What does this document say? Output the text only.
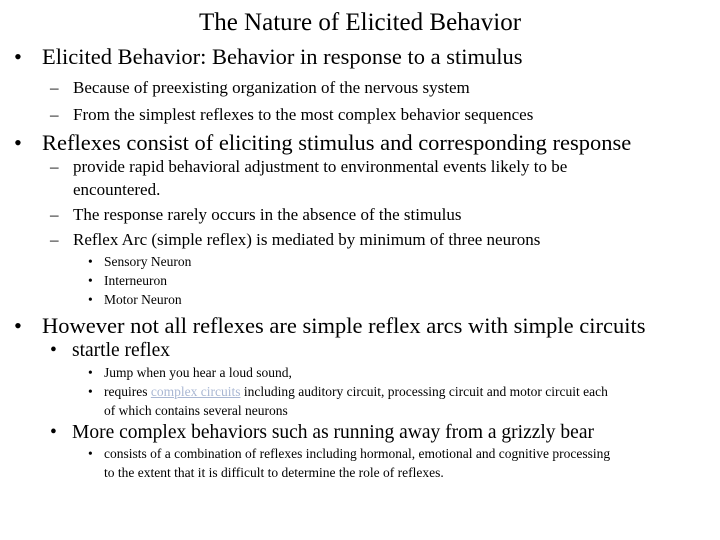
The Nature of Elicited Behavior
• Elicited Behavior: Behavior in response to a stimulus
– Because of preexisting organization of the nervous system
– From the simplest reflexes to the most complex behavior sequences
• Reflexes consist of eliciting stimulus and corresponding response
– provide rapid behavioral adjustment to environmental events likely to be
encountered.
– The response rarely occurs in the absence of the stimulus
– Reflex Arc (simple reflex) is mediated by minimum of three neurons
• Sensory Neuron
• Interneuron
• Motor Neuron
• However not all reflexes are simple reflex arcs with simple circuits
• startle reflex
• Jump when you hear a loud sound,
• requires complex circuits including auditory circuit, processing circuit and motor circuit each
of which contains several neurons
• More complex behaviors such as running away from a grizzly bear
• consists of a combination of reflexes including hormonal, emotional and cognitive processing
to the extent that it is difficult to determine the role of reflexes.
